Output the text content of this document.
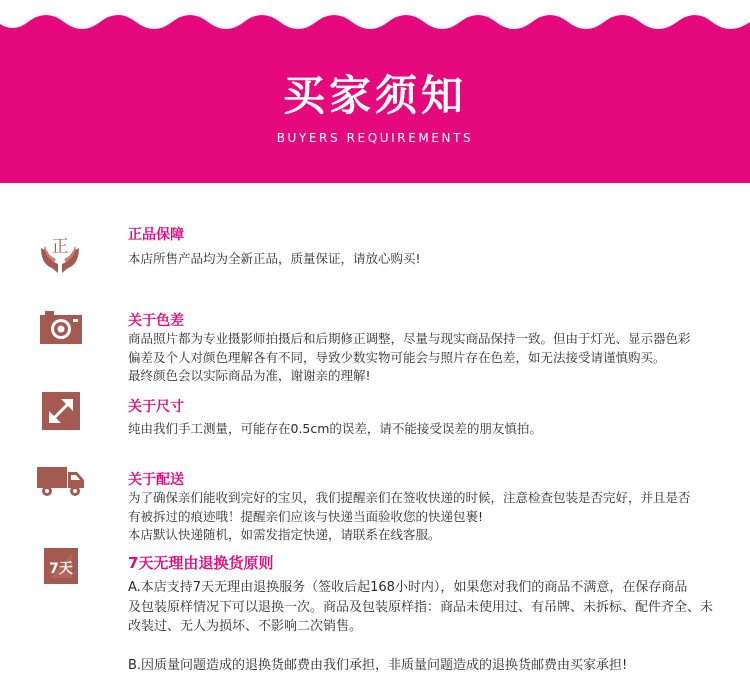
买家须知
BUYERS REQUIREMENTS
正
正品保障

本店所售产品均为全新正品，质量保证，请放心购买!

关于色差

商品照片都为专业摄影师拍摄后和后期修正调整，尽量与现实商品保持一致。但由于灯光、显示器色彩

偏差及个人对颜色理解各有不同，导致少数实物可能会与照片存在色差，如无法接受请谨慎购买。

最终颜色会以实际商品为准，谢谢亲的理解!

关于尺寸

纯由我们手工测量，可能存在0.5cm的误差，请不能接受误差的朋友慎拍。

关于配送

为了确保亲们能收到完好的宝贝，我们提醒亲们在签收快递的时候，注意检查包装是否完好，并且是否

有被拆过的痕迹哦！提醒亲们应该与快递当面验收您的快递包裹!

本店默认快递随机，如需发指定快递，请联系在线客服。

7天	7天无理由退换货原则

A.本店支持7天无理由退换服务（签收后起168小时内），如果您对我们的商品不满意，在保存商品

及包装原样情况下可以退换一次。商品及包装原样指：商品未使用过、有吊牌、未拆标、配件齐全、未

改装过、无人为损坏、不影响二次销售。

B.因质量问题造成的退换货邮费由我们承担，非质量问题造成的退换货邮费由买家承担!
